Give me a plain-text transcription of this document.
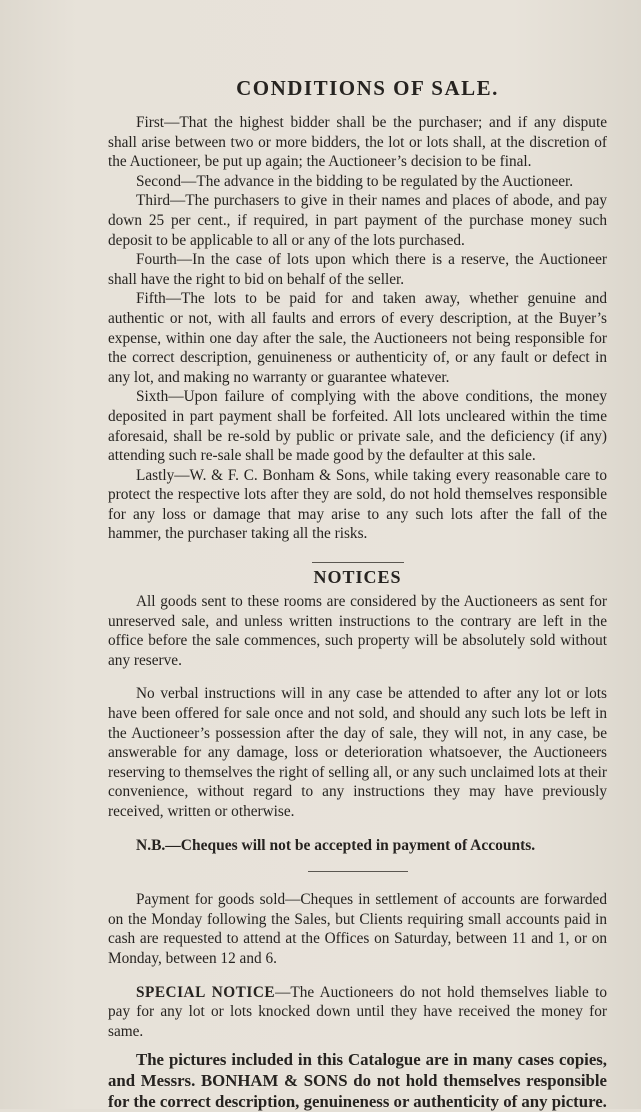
CONDITIONS OF SALE.

First—That the highest bidder shall be the purchaser; and if any dispute shall arise between two or more bidders, the lot or lots shall, at the discretion of the Auctioneer, be put up again; the Auctioneer’s decision to be final.

Second—The advance in the bidding to be regulated by the Auctioneer.

Third—The purchasers to give in their names and places of abode, and pay down 25 per cent., if required, in part payment of the purchase money such deposit to be applicable to all or any of the lots purchased.

Fourth—In the case of lots upon which there is a reserve, the Auctioneer shall have the right to bid on behalf of the seller.

Fifth—The lots to be paid for and taken away, whether genuine and authentic or not, with all faults and errors of every description, at the Buyer’s expense, within one day after the sale, the Auctioneers not being responsible for the correct description, genuineness or authenticity of, or any fault or defect in any lot, and making no warranty or guarantee whatever.

Sixth—Upon failure of complying with the above conditions, the money deposited in part payment shall be forfeited. All lots uncleared within the time aforesaid, shall be re-sold by public or private sale, and the deficiency (if any) attending such re-sale shall be made good by the defaulter at this sale.

Lastly—W. & F. C. Bonham & Sons, while taking every reasonable care to protect the respective lots after they are sold, do not hold themselves responsible for any loss or damage that may arise to any such lots after the fall of the hammer, the purchaser taking all the risks.

NOTICES

All goods sent to these rooms are considered by the Auctioneers as sent for unreserved sale, and unless written instructions to the contrary are left in the office before the sale commences, such property will be absolutely sold without any reserve.

No verbal instructions will in any case be attended to after any lot or lots have been offered for sale once and not sold, and should any such lots be left in the Auctioneer’s possession after the day of sale, they will not, in any case, be answerable for any damage, loss or deterioration whatsoever, the Auctioneers reserving to themselves the right of selling all, or any such unclaimed lots at their convenience, without regard to any instructions they may have previously received, written or otherwise.

N.B.—Cheques will not be accepted in payment of Accounts.

Payment for goods sold—Cheques in settlement of accounts are forwarded on the Monday following the Sales, but Clients requiring small accounts paid in cash are requested to attend at the Offices on Saturday, between 11 and 1, or on Monday, between 12 and 6.

SPECIAL NOTICE—The Auctioneers do not hold themselves liable to pay for any lot or lots knocked down until they have received the money for same.

The pictures included in this Catalogue are in many cases copies, and Messrs. BONHAM & SONS do not hold themselves responsible for the correct description, genuineness or authenticity of any picture.
